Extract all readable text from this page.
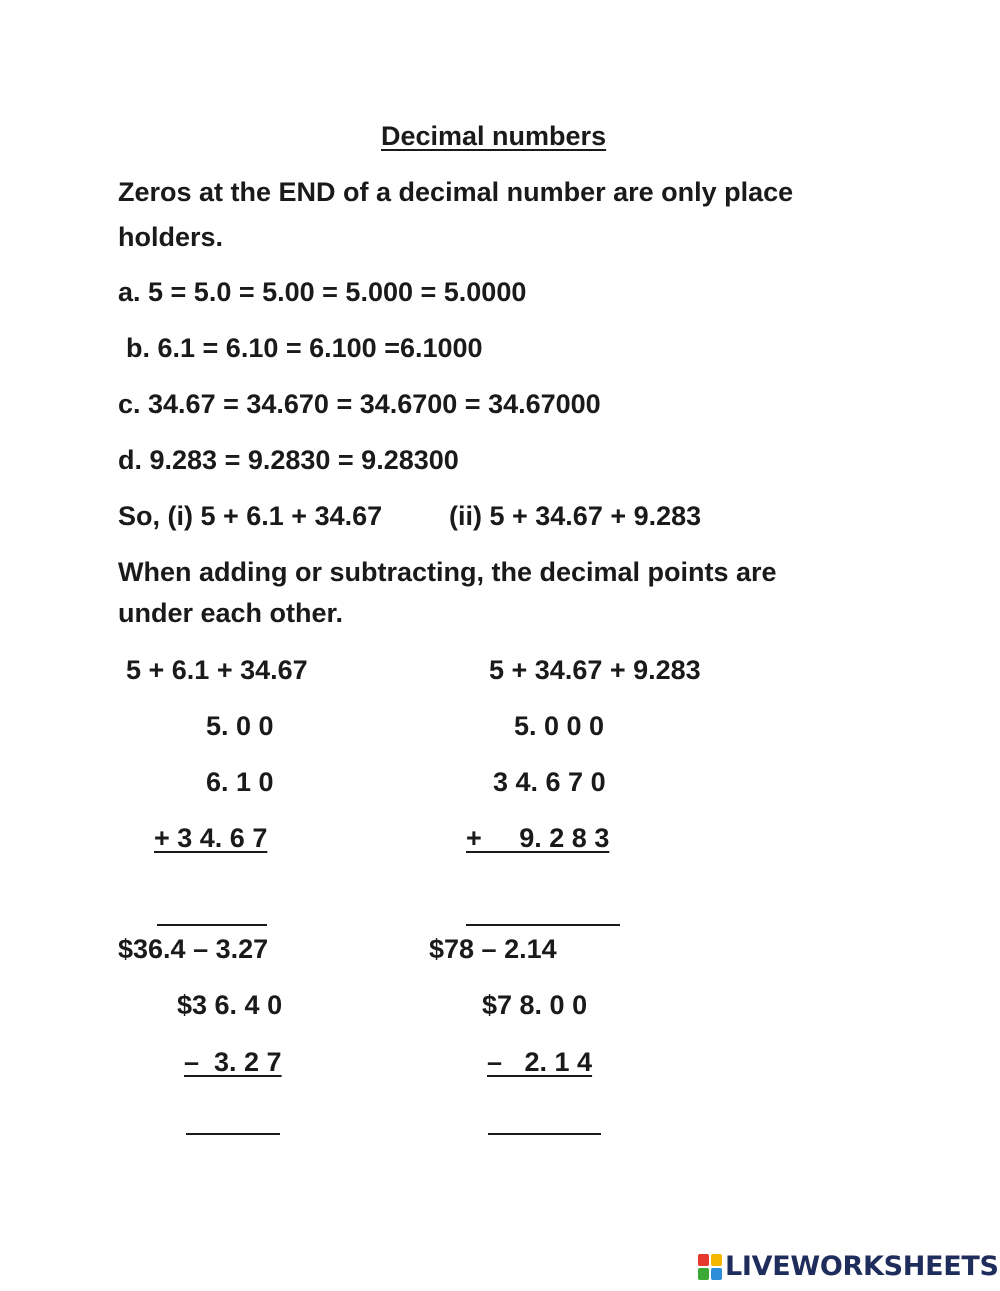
Decimal numbers
Zeros at the END of a decimal number are only place
holders.
a. 5 = 5.0 = 5.00 = 5.000 = 5.0000
b. 6.1 = 6.10 = 6.100 =6.1000
c. 34.67 = 34.670 = 34.6700 = 34.67000
d. 9.283 = 9.2830 = 9.28300
So, (i) 5 + 6.1 + 34.67 (ii) 5 + 34.67 + 9.283
When adding or subtracting, the decimal points are
under each other.
5 + 6.1 + 34.67
5. 0 0
6. 1 0
+ 3 4. 6 7
5 + 34.67 + 9.283
5. 0 0 0
3 4. 6 7 0
+     9. 2 8 3
$36.4 – 3.27
$3 6. 4 0
–  3. 2 7
$78 – 2.14
$7 8. 0 0
–   2. 1 4
LIVEWORKSHEETS
